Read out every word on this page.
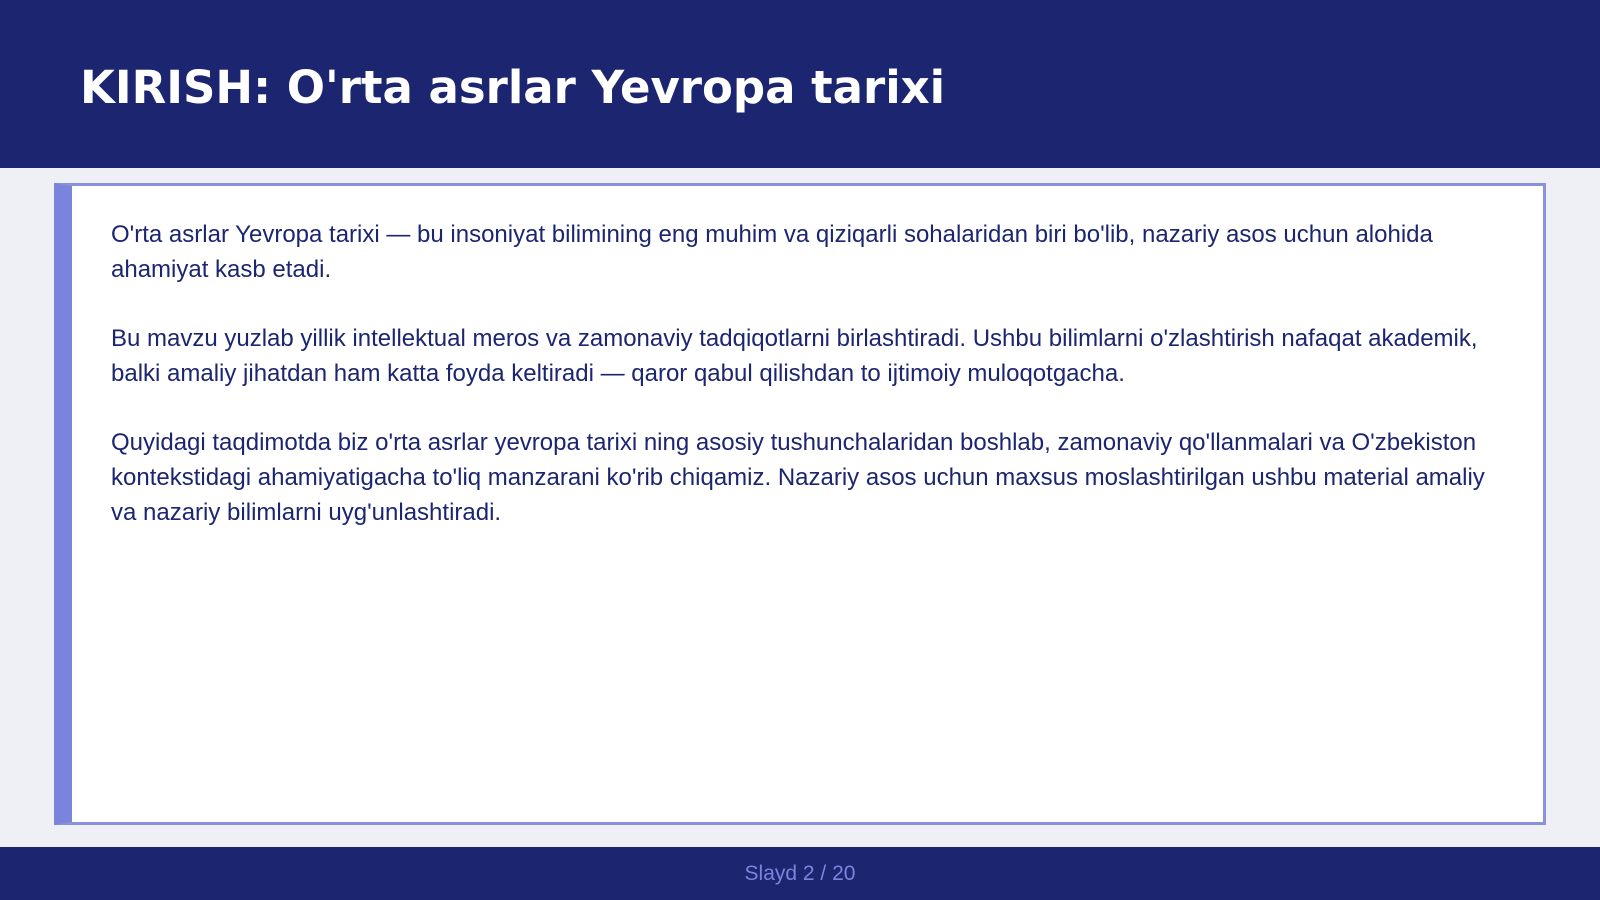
KIRISH: O'rta asrlar Yevropa tarixi

O'rta asrlar Yevropa tarixi — bu insoniyat bilimining eng muhim va qiziqarli sohalaridan biri bo'lib, nazariy asos uchun alohida ahamiyat kasb etadi.

Bu mavzu yuzlab yillik intellektual meros va zamonaviy tadqiqotlarni birlashtiradi. Ushbu bilimlarni o'zlashtirish nafaqat akademik, balki amaliy jihatdan ham katta foyda keltiradi — qaror qabul qilishdan to ijtimoiy muloqotgacha.

Quyidagi taqdimotda biz o'rta asrlar yevropa tarixi ning asosiy tushunchalaridan boshlab, zamonaviy qo'llanmalari va O'zbekiston kontekstidagi ahamiyatigacha to'liq manzarani ko'rib chiqamiz. Nazariy asos uchun maxsus moslashtirilgan ushbu material amaliy va nazariy bilimlarni uyg'unlashtiradi.

Slayd 2 / 20
